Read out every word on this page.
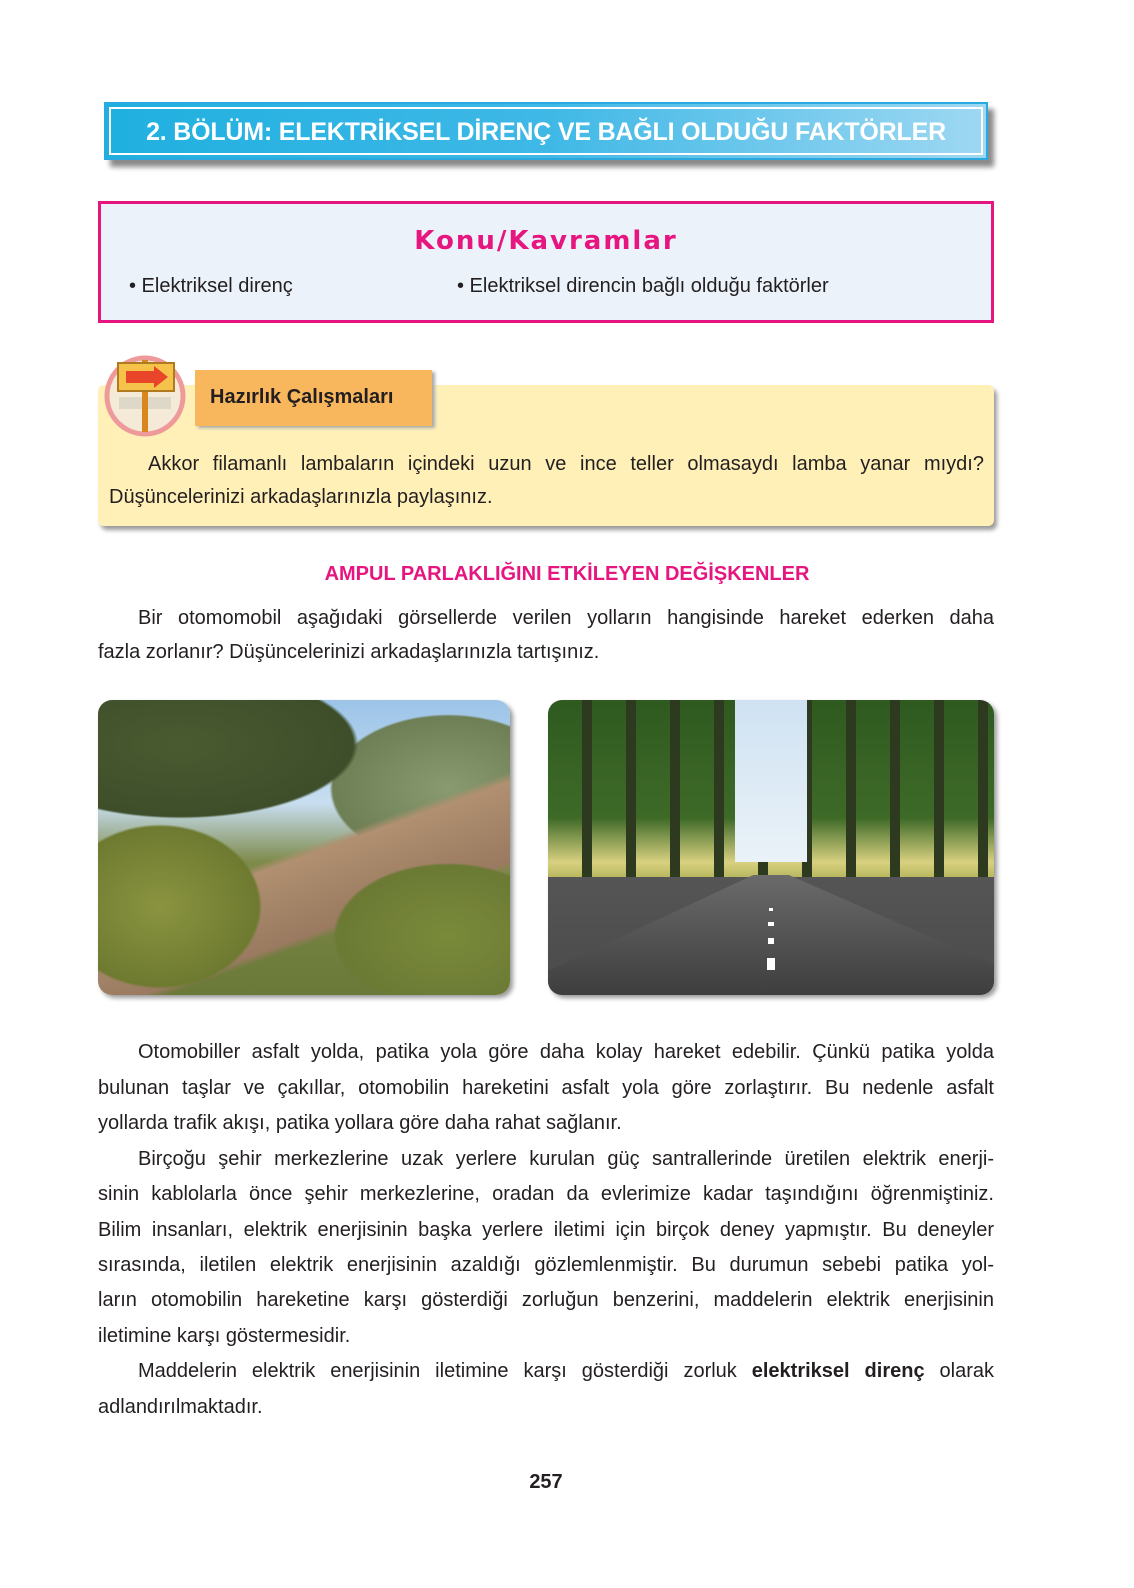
2. BÖLÜM: ELEKTRİKSEL DİRENÇ VE BAĞLI OLDUĞU FAKTÖRLER
Konu/Kavramlar
• Elektriksel direnç	• Elektriksel direncin bağlı olduğu faktörler
Akkor filamanlı lambaların içindeki uzun ve ince teller olmasaydı lamba yanar mıydı?
Düşüncelerinizi arkadaşlarınızla paylaşınız.
Hazırlık Çalışmaları
AMPUL PARLAKLIĞINI ETKİLEYEN DEĞİŞKENLER
Bir otomomobil aşağıdaki görsellerde verilen yolların hangisinde hareket ederken daha
fazla zorlanır? Düşüncelerinizi arkadaşlarınızla tartışınız.
Otomobiller asfalt yolda, patika yola göre daha kolay hareket edebilir. Çünkü patika yolda
bulunan taşlar ve çakıllar, otomobilin hareketini asfalt yola göre zorlaştırır. Bu nedenle asfalt
yollarda trafik akışı, patika yollara göre daha rahat sağlanır.
Birçoğu şehir merkezlerine uzak yerlere kurulan güç santrallerinde üretilen elektrik enerji-
sinin kablolarla önce şehir merkezlerine, oradan da evlerimize kadar taşındığını öğrenmiştiniz.
Bilim insanları, elektrik enerjisinin başka yerlere iletimi için birçok deney yapmıştır. Bu deneyler
sırasında, iletilen elektrik enerjisinin azaldığı gözlemlenmiştir. Bu durumun sebebi patika yol-
ların otomobilin hareketine karşı gösterdiği zorluğun benzerini, maddelerin elektrik enerjisinin
iletimine karşı göstermesidir.
Maddelerin elektrik enerjisinin iletimine karşı gösterdiği zorluk elektriksel direnç olarak
adlandırılmaktadır.
257
